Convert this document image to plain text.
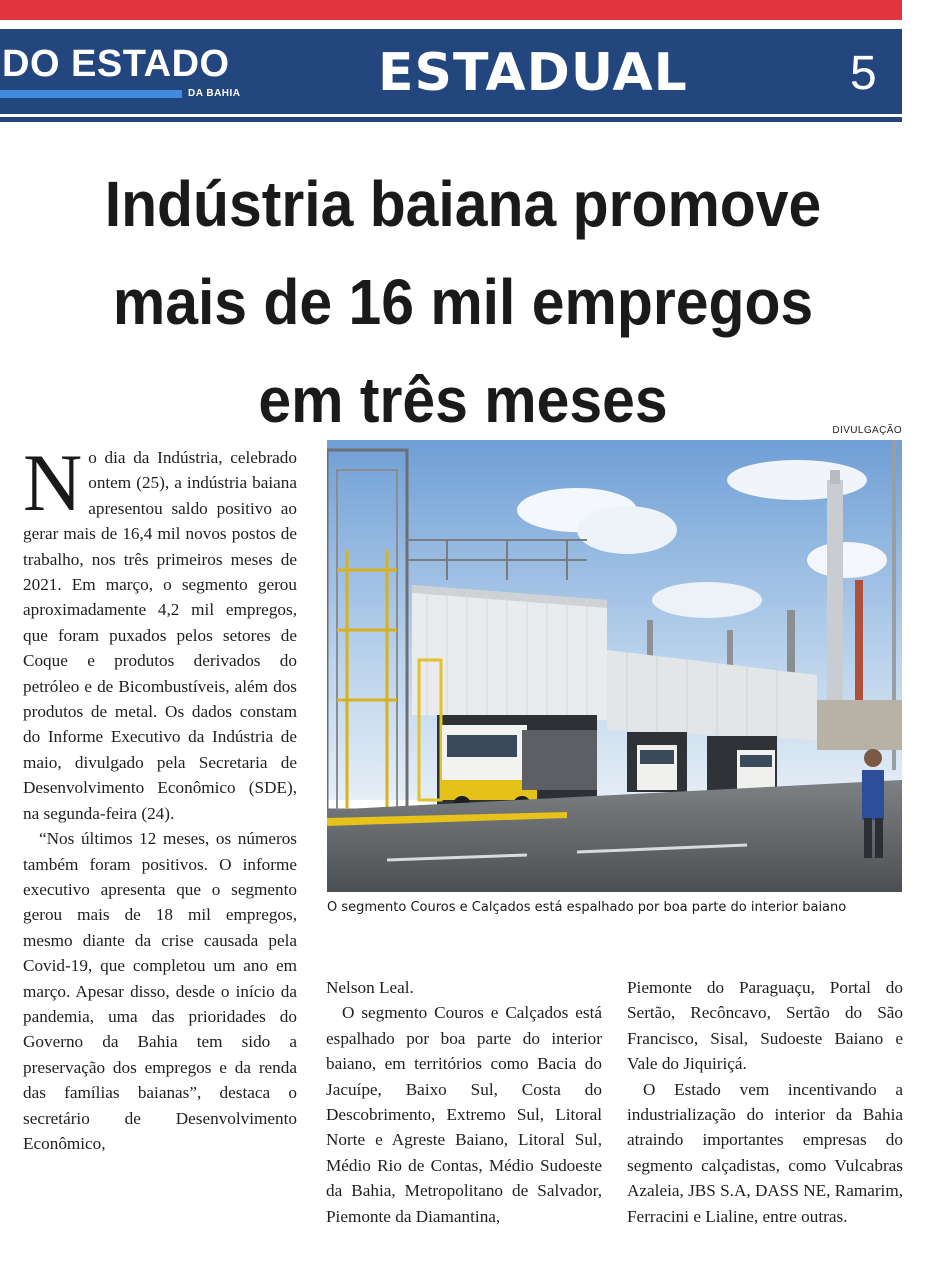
DO ESTADO
DA BAHIA	ESTADUAL	5
Indústria baiana promove
mais de 16 mil empregos
em três meses	DIVULGAÇÃO
O segmento Couros e Calçados está espalhado por boa parte do interior baiano

No dia da Indústria, celebrado ontem (25), a indústria baiana apresentou saldo positivo ao gerar mais de 16,4 mil novos postos de trabalho, nos três primeiros meses de 2021. Em março, o segmento gerou aproximadamente 4,2 mil empregos, que foram puxados pelos setores de Coque e produtos derivados do petróleo e de Bicombustíveis, além dos produtos de metal. Os dados constam do Informe Executivo da Indústria de maio, divulgado pela Secretaria de Desenvolvimento Econômico (SDE), na segunda-feira (24).

“Nos últimos 12 meses, os números também foram positivos. O informe executivo apresenta que o segmento gerou mais de 18 mil empregos, mesmo diante da crise causada pela Covid-19, que completou um ano em março. Apesar disso, desde o início da pandemia, uma das prioridades do Governo da Bahia tem sido a preservação dos empregos e da renda das famílias baianas”, destaca o secretário de Desenvolvimento Econômico,

Nelson Leal.

O segmento Couros e Calçados está espalhado por boa parte do interior baiano, em territórios como Bacia do Jacuípe, Baixo Sul, Costa do Descobrimento, Extremo Sul, Litoral Norte e Agreste Baiano, Litoral Sul, Médio Rio de Contas, Médio Sudoeste da Bahia, Metropolitano de Salvador, Piemonte da Diamantina,

Piemonte do Paraguaçu, Portal do Sertão, Recôncavo, Sertão do São Francisco, Sisal, Sudoeste Baiano e Vale do Jiquiriçá.

O Estado vem incentivando a industrialização do interior da Bahia atraindo importantes empresas do segmento calçadistas, como Vulcabras Azaleia, JBS S.A, DASS NE, Ramarim, Ferracini e Lialine, entre outras.
